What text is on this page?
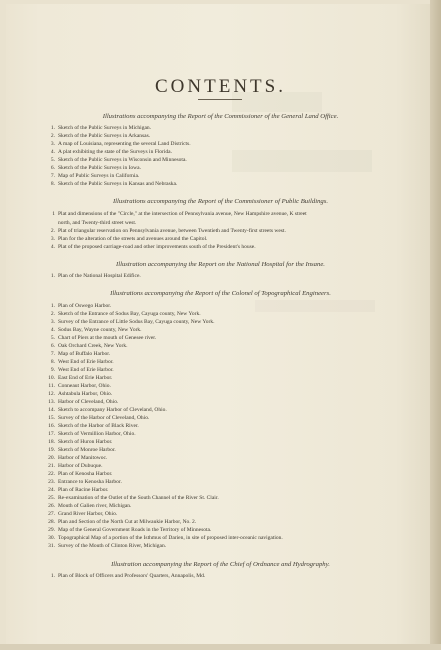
CONTENTS.
Illustrations accompanying the Report of the Commissioner of the General Land Office.
1. Sketch of the Public Surveys in Michigan.
2. Sketch of the Public Surveys in Arkansas.
3. A map of Louisiana, representing the several Land Districts.
4. A plat exhibiting the state of the Surveys in Florida.
5. Sketch of the Public Surveys in Wisconsin and Minnesota.
6. Sketch of the Public Surveys in Iowa.
7. Map of Public Surveys in California.
8. Sketch of the Public Surveys in Kansas and Nebraska.
Illustrations accompanying the Report of the Commissioner of Public Buildings.
1 Plat and dimensions of the "Circle," at the intersection of Pennsylvania avenue, New Hampshire avenue, K street
north, and Twenty-third street west.
2. Plat of triangular reservation on Pennsylvania avenue, between Twentieth and Twenty-first streets west.
3. Plan for the alteration of the streets and avenues around the Capitol.
4. Plat of the proposed carriage-road and other improvements south of the President's house.
Illustration accompanying the Report on the National Hospital for the Insane.
1. Plan of the National Hospital Edifice.
Illustrations accompanying the Report of the Colonel of Topographical Engineers.
1. Plan of Oswego Harbor.
2. Sketch of the Entrance of Sodus Bay, Cayuga county, New York.
3. Survey of the Entrance of Little Sodus Bay, Cayuga county, New York.
4. Sodus Bay, Wayne county, New York.
5. Chart of Piers at the mouth of Genesee river.
6. Oak Orchard Creek, New York.
7. Map of Buffalo Harbor.
8. West End of Erie Harbor.
9. West End of Erie Harbor.
10. East End of Erie Harbor.
11. Conneaut Harbor, Ohio.
12. Ashtabula Harbor, Ohio.
13. Harbor of Cleveland, Ohio.
14. Sketch to accompany Harbor of Cleveland, Ohio.
15. Survey of the Harbor of Cleveland, Ohio.
16. Sketch of the Harbor of Black River.
17. Sketch of Vermillion Harbor, Ohio.
18. Sketch of Huron Harbor.
19. Sketch of Monroe Harbor.
20. Harbor of Manitowoc.
21. Harbor of Dubuque.
22. Plan of Kenosha Harbor.
23. Entrance to Kenosha Harbor.
24. Plan of Racine Harbor.
25. Re-examination of the Outlet of the South Channel of the River St. Clair.
26. Mouth of Galien river, Michigan.
27. Grand River Harbor, Ohio.
28. Plan and Section of the North Cut at Milwaukie Harbor, No. 2.
29. Map of the General Government Roads in the Territory of Minnesota.
30. Topographical Map of a portion of the Isthmus of Darien, in site of proposed inter-oceanic navigation.
31. Survey of the Mouth of Clinton River, Michigan.
Illustration accompanying the Report of the Chief of Ordnance and Hydrography.
1. Plan of Block of Officers and Professors' Quarters, Annapolis, Md.
